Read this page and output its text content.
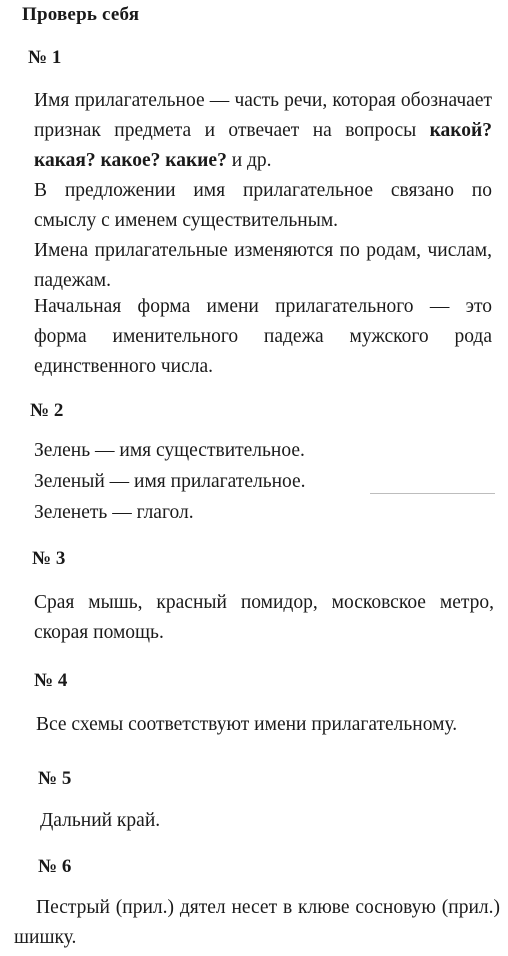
Проверь себя
№ 1
Имя прилагательное — часть речи, которая обозначает признак предмета и отвечает на вопросы какой? какая? какое? какие? и др.
В предложении имя прилагательное связано по смыслу с именем существительным.
Имена прилагательные изменяются по родам, числам, падежам.
Начальная форма имени прилагательного — это форма именительного падежа мужского рода единственного числа.
№ 2
Зелень — имя существительное.
Зеленый — имя прилагательное.
Зеленеть — глагол.
№ 3
Срая мышь, красный помидор, московское метро, скорая помощь.
№ 4
Все схемы соответствуют имени прилагательному.
№ 5
Дальний край.
№ 6
Пестрый (прил.) дятел несет в клюве сосновую (прил.) шишку.
